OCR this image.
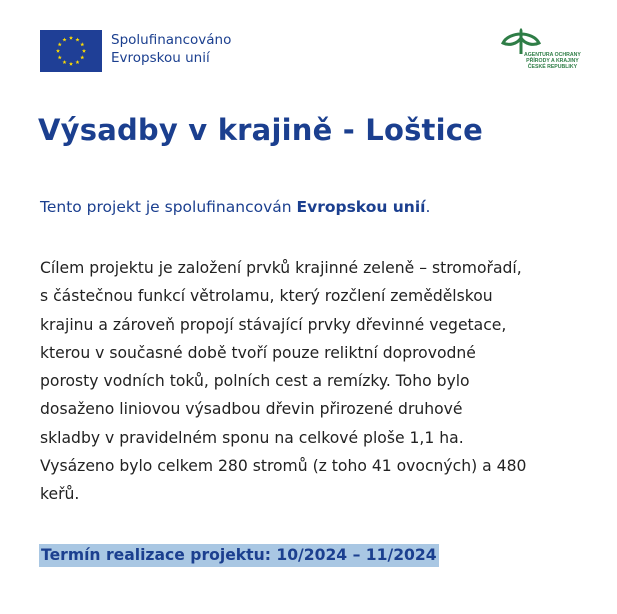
Spolufinancováno
Evropskou unií	AGENTURA OCHRANY
PŘÍRODY A KRAJINY
ČESKÉ REPUBLIKY
Výsadby v krajině - Loštice

Tento projekt je spolufinancován Evropskou unií.

Cílem projektu je založení prvků krajinné zeleně – stromořadí,
s částečnou funkcí větrolamu, který rozčlení zemědělskou
krajinu a zároveň propojí stávající prvky dřevinné vegetace,
kterou v současné době tvoří pouze reliktní doprovodné
porosty vodních toků, polních cest a remízky. Toho bylo
dosaženo liniovou výsadbou dřevin přirozené druhové
skladby v pravidelném sponu na celkové ploše 1,1 ha.
Vysázeno bylo celkem 280 stromů (z toho 41 ovocných) a 480
keřů.
Termín realizace projektu: 10/2024 – 11/2024
